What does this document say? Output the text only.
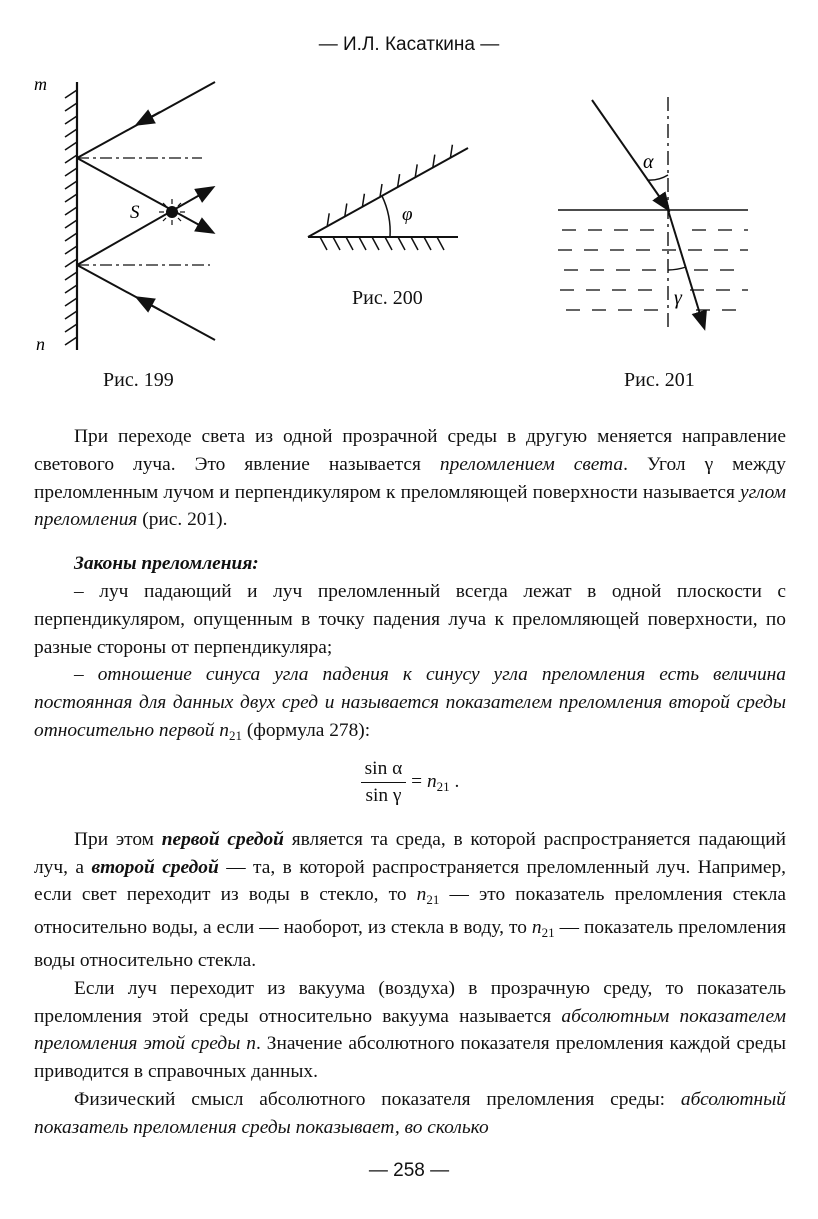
— И.Л. Касаткина —
m
n
S
Рис. 199
φ
Рис. 200
α
γ
Рис. 201

При переходе света из одной прозрачной среды в другую меняется направление светового луча. Это явление называется преломлением света. Угол γ между преломленным лучом и перпендикуляром к преломляющей поверхности называется углом преломления (рис. 201).

Законы преломления:

– луч падающий и луч преломленный всегда лежат в одной плоскости с перпендикуляром, опущенным в точку падения луча к преломляющей поверхности, по разные стороны от перпендикуляра;

– отношение синуса угла падения к синусу угла преломления есть величина постоянная для данных двух сред и называется показателем преломления второй среды относительно первой $n_{21}$ (формула 278):

$\frac{\text{sin α}}{\text{sin γ}} = n_{21}$ .

При этом первой средой является та среда, в которой распространяется падающий луч, а второй средой — та, в которой распространяется преломленный луч. Например, если свет переходит из воды в стекло, то $n_{21}$ — это показатель преломления стекла относительно воды, а если — наоборот, из стекла в воду, то $n_{21}$ — показатель преломления воды относительно стекла.

Если луч переходит из вакуума (воздуха) в прозрачную среду, то показатель преломления этой среды относительно вакуума называется абсолютным показателем преломления этой среды n. Значение абсолютного показателя преломления каждой среды приводится в справочных данных.

Физический смысл абсолютного показателя преломления среды: абсолютный показатель преломления среды показывает, во сколько

— 258 —
